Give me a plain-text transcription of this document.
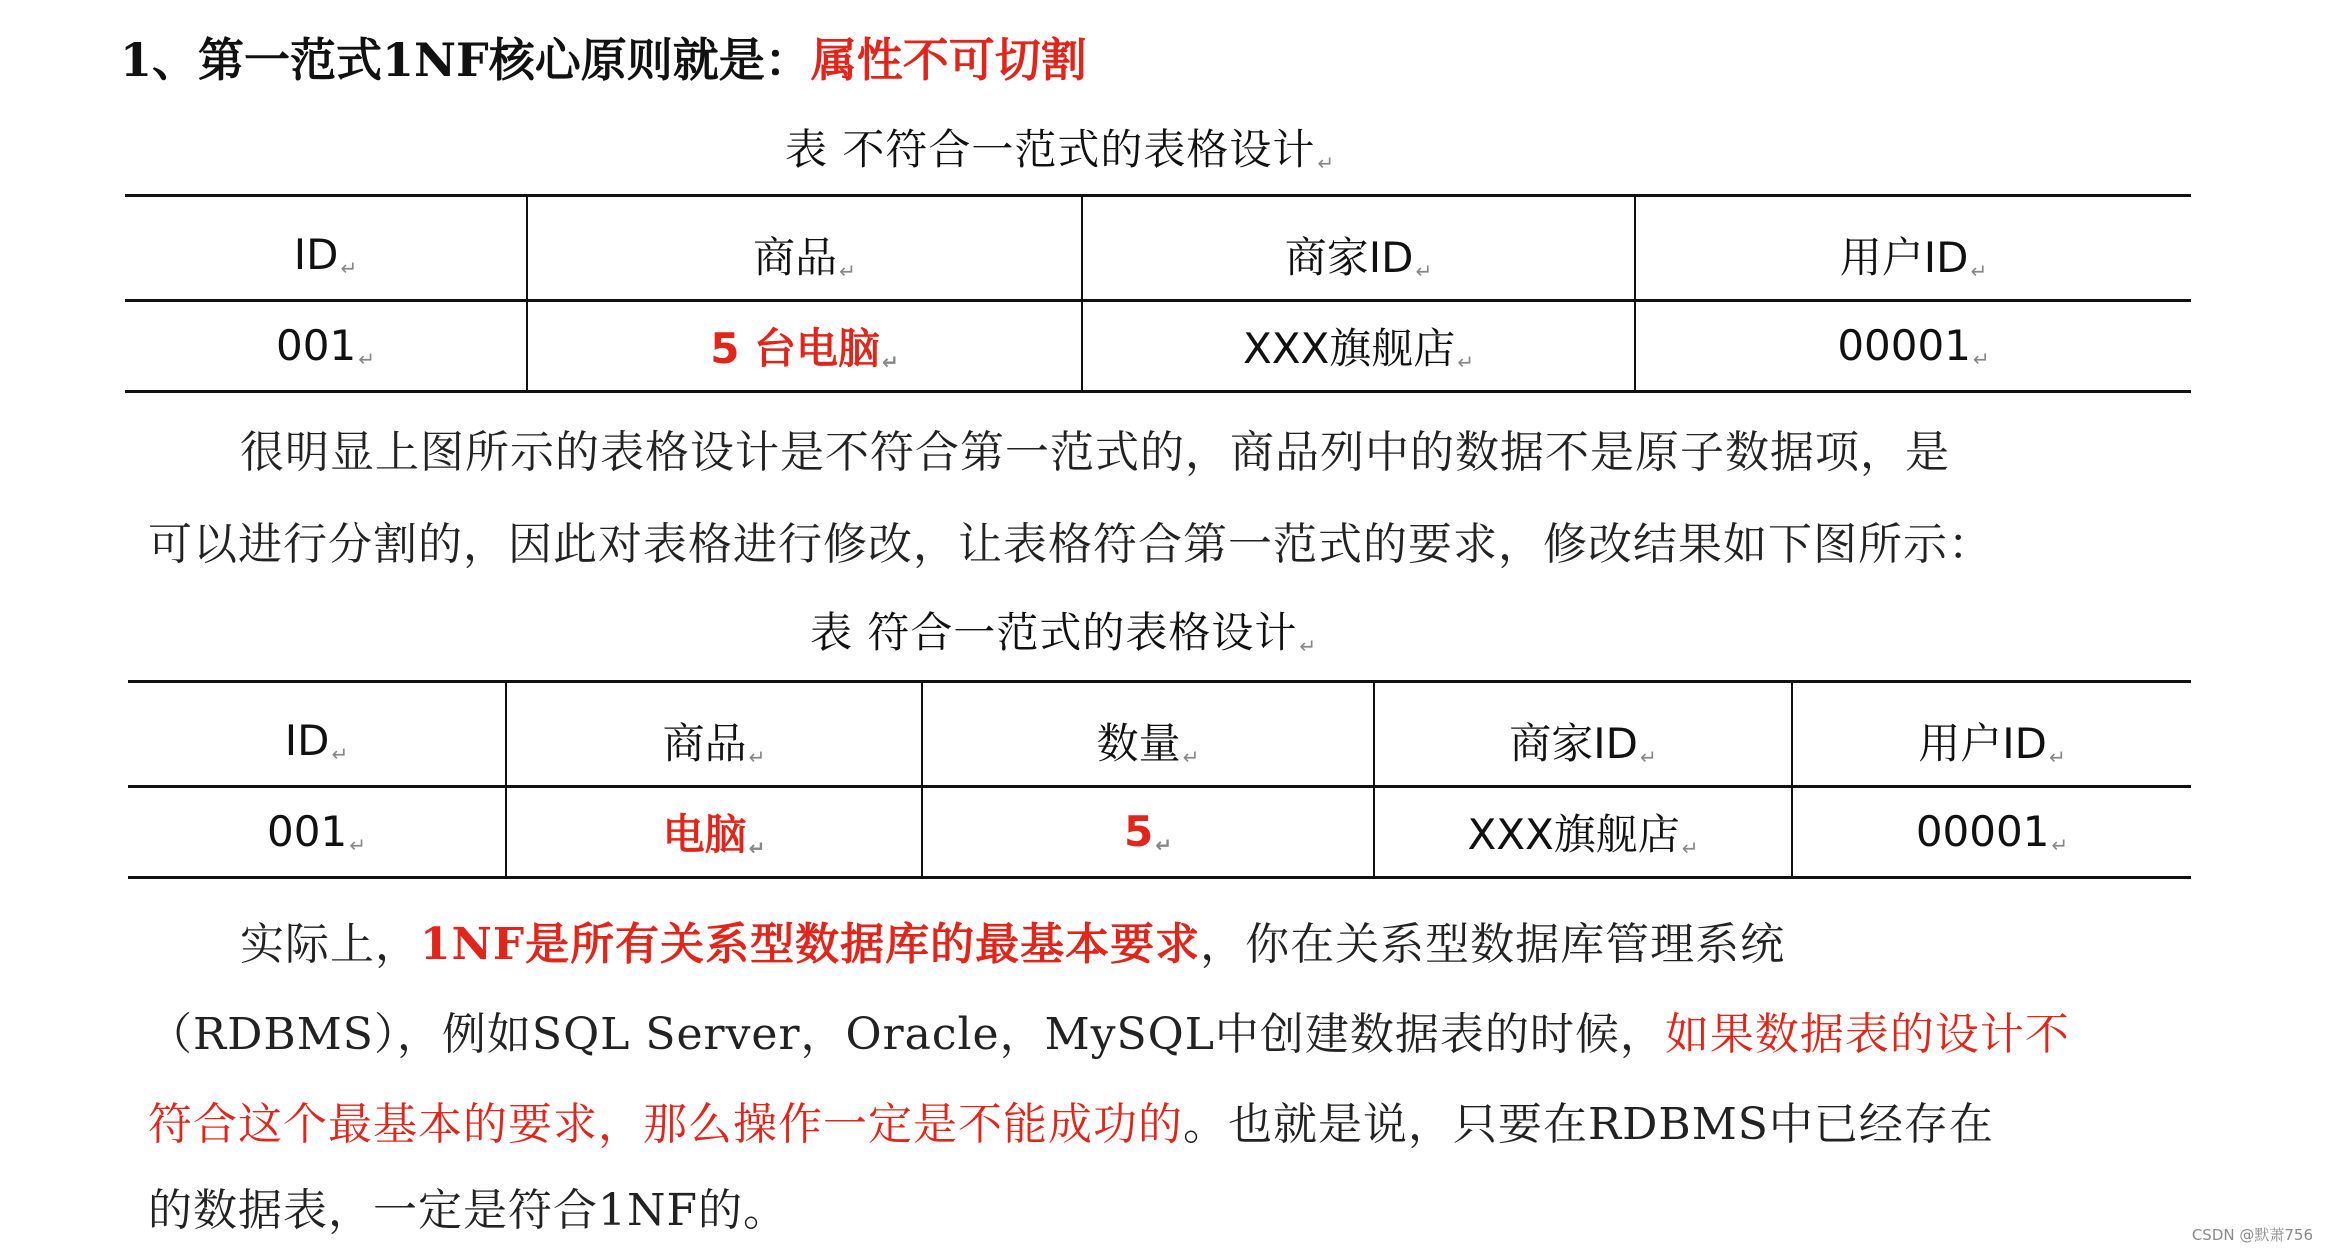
1、第一范式1NF核心原则就是：属性不可切割
表 不符合一范式的表格设计 ↵
ID ↵	商品 ↵	商家ID ↵	用户ID ↵
001 ↵	5 台电脑 ↵	XXX旗舰店 ↵	00001 ↵
很明显上图所示的表格设计是不符合第一范式的，商品列中的数据不是原子数据项，是
可以进行分割的，因此对表格进行修改，让表格符合第一范式的要求，修改结果如下图所示：
表 符合一范式的表格设计 ↵
ID ↵	商品 ↵	数量 ↵	商家ID ↵	用户ID ↵
001 ↵	电脑 ↵	5 ↵	XXX旗舰店 ↵	00001 ↵
实际上，1NF是所有关系型数据库的最基本要求，你在关系型数据库管理系统
（RDBMS），例如SQL Server，Oracle，MySQL中创建数据表的时候，如果数据表的设计不
符合这个最基本的要求，那么操作一定是不能成功的。也就是说，只要在RDBMS中已经存在
的数据表，一定是符合1NF的。	CSDN @默萧756
